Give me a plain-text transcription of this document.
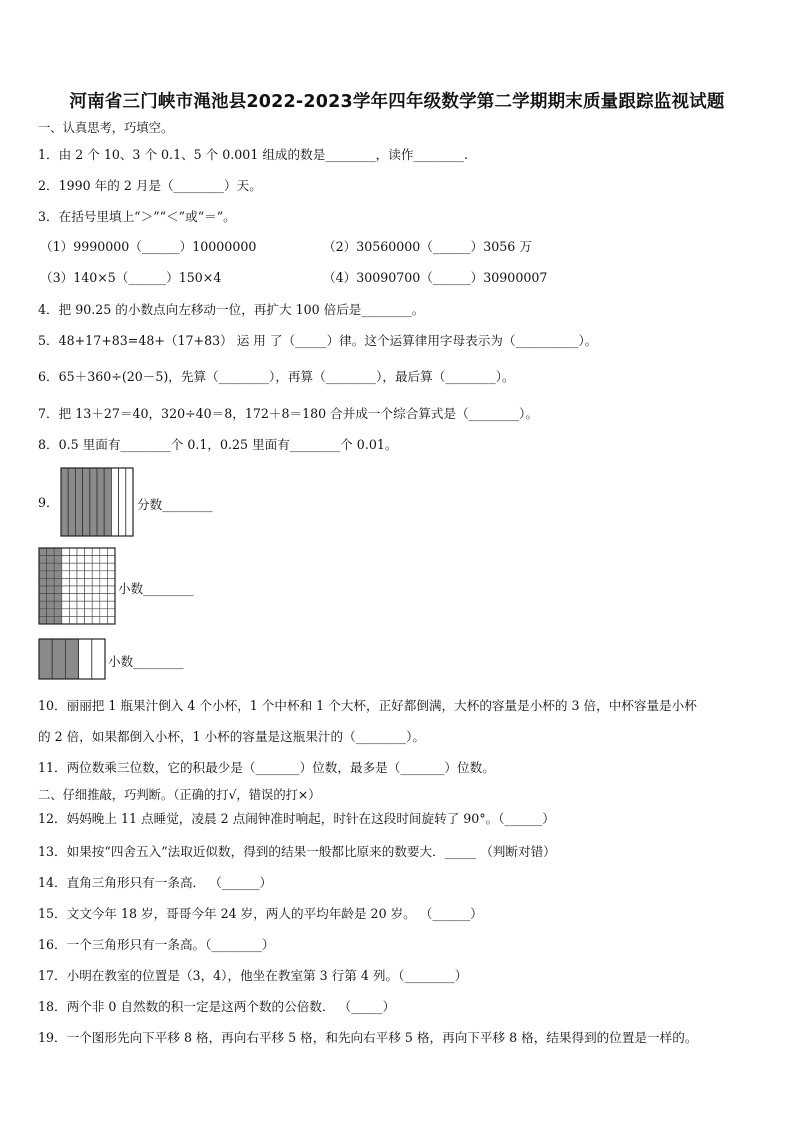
河南省三门峡市渑池县2022-2023学年四年级数学第二学期期末质量跟踪监视试题
一、认真思考，巧填空。
1．由 2 个 10、3 个 0.1、5 个 0.001 组成的数是________，读作________.
2．1990 年的 2 月是（________）天。
3．在括号里填上“＞”“＜”或“＝”。
（1）9990000（______）10000000	（2）30560000（______）3056 万
（3）140×5（______）150×4	（4）30090700（______）30900007
4．把 90.25 的小数点向左移动一位，再扩大 100 倍后是________。
5．48+17+83=48+（17+83） 运 用 了（_____）律。这个运算律用字母表示为（__________）。
6．65＋360÷(20－5)，先算（________），再算（________），最后算（________）。
7．把 13＋27＝40，320÷40＝8，172＋8＝180 合并成一个综合算式是（________）。
8．0.5 里面有________个 0.1，0.25 里面有________个 0.01。
9．	分数________
小数________
小数________
10．丽丽把 1 瓶果汁倒入 4 个小杯，1 个中杯和 1 个大杯，正好都倒满，大杯的容量是小杯的 3 倍，中杯容量是小杯
的 2 倍，如果都倒入小杯，1 小杯的容量是这瓶果汁的（________）。
11．两位数乘三位数，它的积最少是（_______）位数，最多是（_______）位数。
二、仔细推敲，巧判断。（正确的打√，错误的打×）
12．妈妈晚上 11 点睡觉，凌晨 2 点闹钟准时响起，时针在这段时间旋转了 90°。（______）
13．如果按“四舍五入”法取近似数，得到的结果一般都比原来的数要大．_____ （判断对错）
14．直角三角形只有一条高． （______）
15．文文今年 18 岁，哥哥今年 24 岁，两人的平均年龄是 20 岁。 （______）
16．一个三角形只有一条高。（________）
17．小明在教室的位置是（3，4），他坐在教室第 3 行第 4 列。（________）
18．两个非 0 自然数的积一定是这两个数的公倍数． （_____）
19．一个图形先向下平移 8 格，再向右平移 5 格，和先向右平移 5 格，再向下平移 8 格，结果得到的位置是一样的。
